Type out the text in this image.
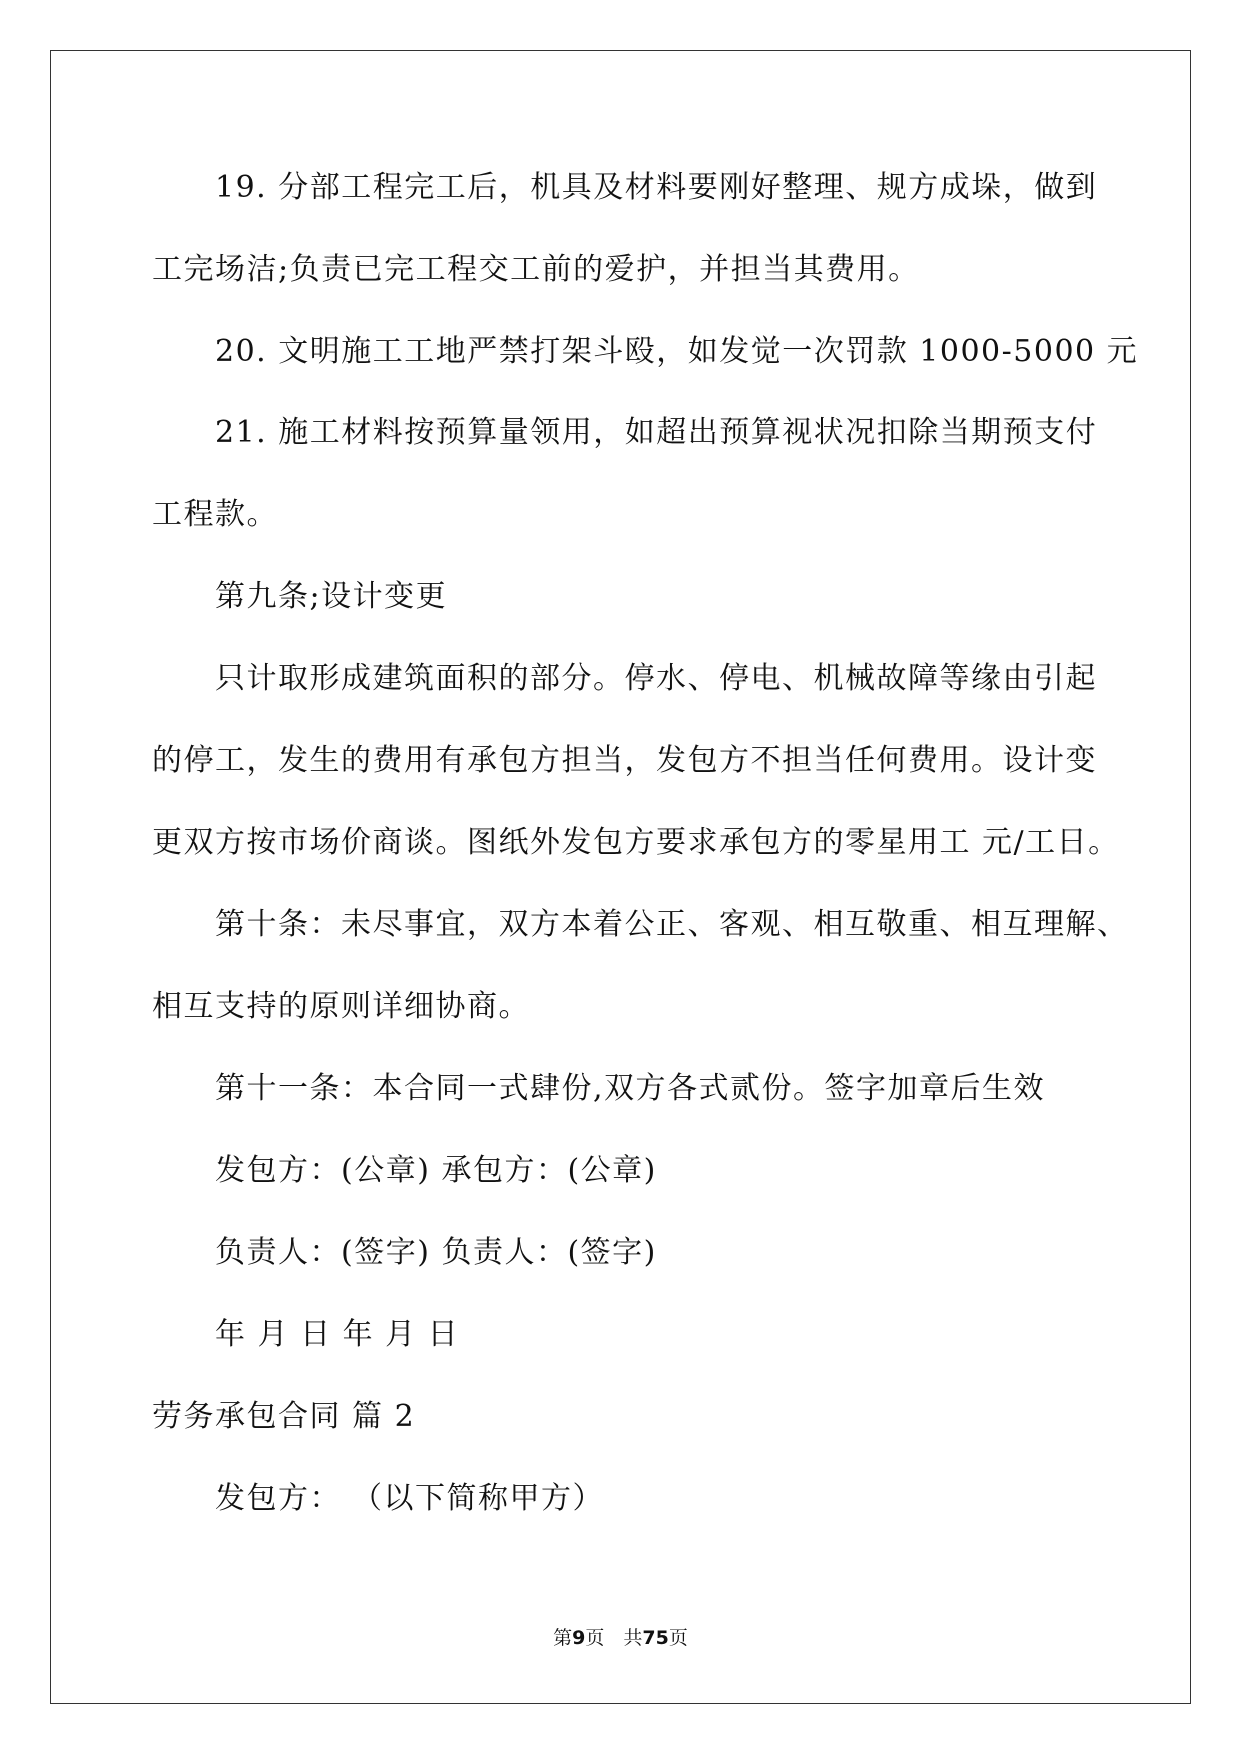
19. 分部工程完工后，机具及材料要刚好整理、规方成垛，做到
工完场洁;负责已完工程交工前的爱护，并担当其费用。
20. 文明施工工地严禁打架斗殴，如发觉一次罚款 1000-5000 元
21. 施工材料按预算量领用，如超出预算视状况扣除当期预支付
工程款。
第九条;设计变更
只计取形成建筑面积的部分。停水、停电、机械故障等缘由引起
的停工，发生的费用有承包方担当，发包方不担当任何费用。设计变
更双方按市场价商谈。图纸外发包方要求承包方的零星用工 元/工日。
第十条：未尽事宜，双方本着公正、客观、相互敬重、相互理解、
相互支持的原则详细协商。
第十一条：本合同一式肆份,双方各式贰份。签字加章后生效
发包方：(公章) 承包方：(公章)
负责人：(签字) 负责人：(签字)
年 月 日 年 月 日
劳务承包合同 篇 2
发包方： （以下简称甲方）
第9页　共75页
